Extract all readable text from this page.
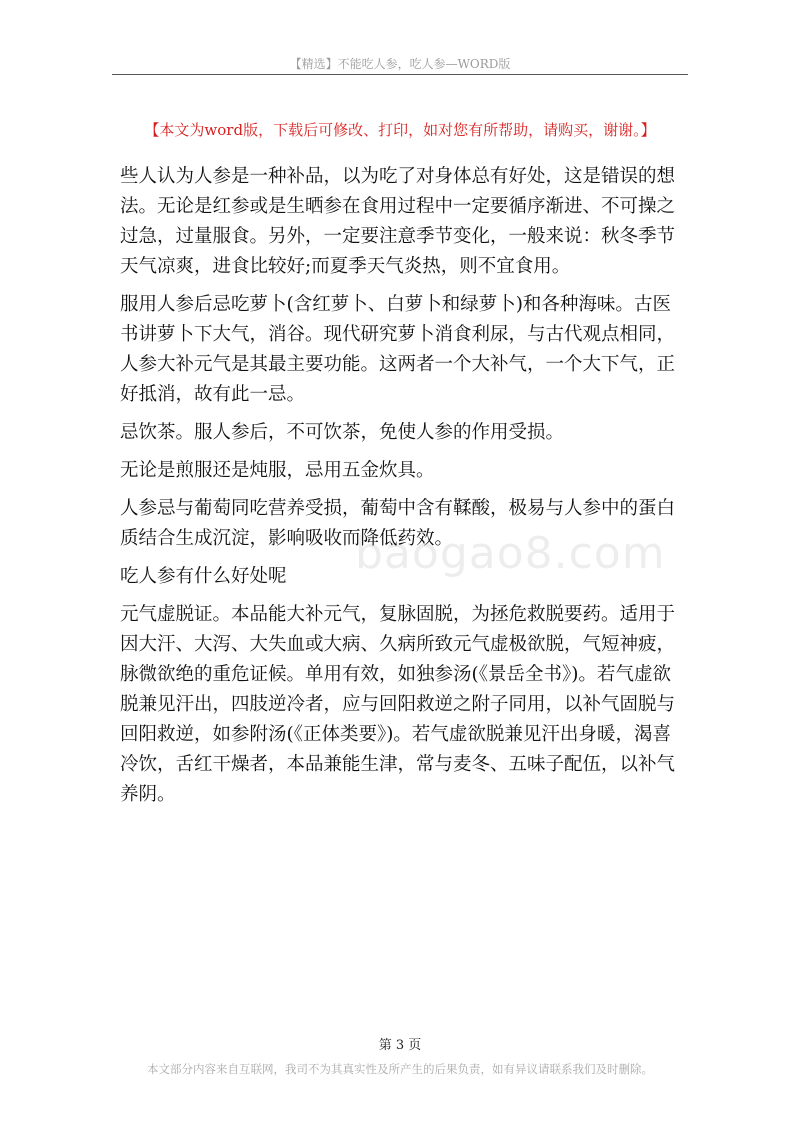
【精选】不能吃人参，吃人参—WORD版
【本文为word版，下载后可修改、打印，如对您有所帮助，请购买，谢谢。】
baogao8.com

些人认为人参是一种补品，以为吃了对身体总有好处，这是错误的想法。无论是红参或是生晒参在食用过程中一定要循序渐进、不可操之过急，过量服食。另外，一定要注意季节变化，一般来说：秋冬季节天气凉爽，进食比较好;而夏季天气炎热，则不宜食用。

服用人参后忌吃萝卜(含红萝卜、白萝卜和绿萝卜)和各种海味。古医书讲萝卜下大气，消谷。现代研究萝卜消食利尿，与古代观点相同，人参大补元气是其最主要功能。这两者一个大补气，一个大下气，正好抵消，故有此一忌。

忌饮茶。服人参后，不可饮茶，免使人参的作用受损。

无论是煎服还是炖服，忌用五金炊具。

人参忌与葡萄同吃营养受损，葡萄中含有鞣酸，极易与人参中的蛋白质结合生成沉淀，影响吸收而降低药效。

吃人参有什么好处呢

元气虚脱证。本品能大补元气，复脉固脱，为拯危救脱要药。适用于因大汗、大泻、大失血或大病、久病所致元气虚极欲脱，气短神疲，脉微欲绝的重危证候。单用有效，如独参汤(《景岳全书》)。若气虚欲脱兼见汗出，四肢逆冷者，应与回阳救逆之附子同用，以补气固脱与回阳救逆，如参附汤(《正体类要》)。若气虚欲脱兼见汗出身暖，渴喜冷饮，舌红干燥者，本品兼能生津，常与麦冬、五味子配伍，以补气养阴。

第 3 页
本文部分内容来自互联网，我司不为其真实性及所产生的后果负责，如有异议请联系我们及时删除。
